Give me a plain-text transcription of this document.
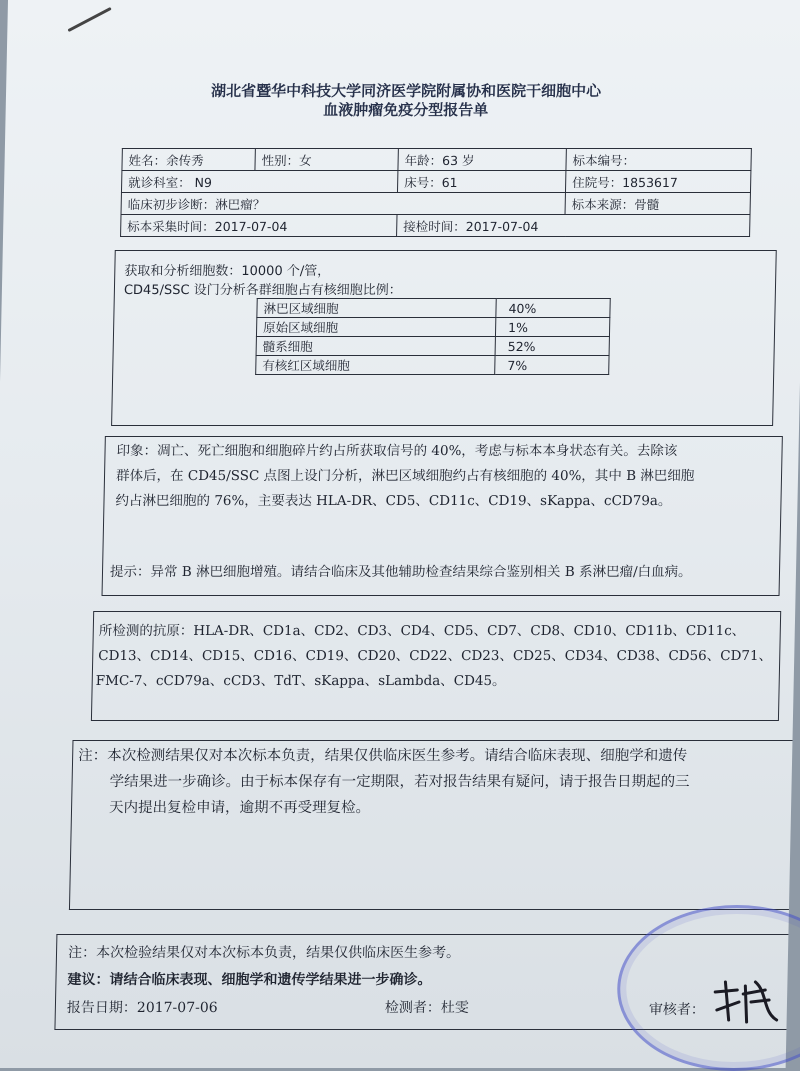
湖北省暨华中科技大学同济医学院附属协和医院干细胞中心
血液肿瘤免疫分型报告单
姓名：余传秀	性别：女	年龄：63 岁	标本编号：
就诊科室： N9		床号：61	住院号：1853617
临床初步诊断：淋巴瘤？			标本来源：骨髓
标本采集时间：2017-07-04		接检时间：2017-07-04	
获取和分析细胞数：10000 个/管，
CD45/SSC 设门分析各群细胞占有核细胞比例：
淋巴区域细胞	40%
原始区域细胞	1%
髓系细胞	52%
有核红区域细胞	7%
印象：凋亡、死亡细胞和细胞碎片约占所获取信号的 40%，考虑与标本本身状态有关。去除该
群体后，在 CD45/SSC 点图上设门分析，淋巴区域细胞约占有核细胞的 40%，其中 B 淋巴细胞
约占淋巴细胞的 76%，主要表达 HLA-DR、CD5、CD11c、CD19、sKappa、cCD79a。
提示：异常 B 淋巴细胞增殖。请结合临床及其他辅助检查结果综合鉴别相关 B 系淋巴瘤/白血病。
所检测的抗原：HLA-DR、CD1a、CD2、CD3、CD4、CD5、CD7、CD8、CD10、CD11b、CD11c、
CD13、CD14、CD15、CD16、CD19、CD20、CD22、CD23、CD25、CD34、CD38、CD56、CD71、
FMC-7、cCD79a、cCD3、TdT、sKappa、sLambda、CD45。
注：本次检测结果仅对本次标本负责，结果仅供临床医生参考。请结合临床表现、细胞学和遗传
学结果进一步确诊。由于标本保存有一定期限，若对报告结果有疑问，请于报告日期起的三
天内提出复检申请，逾期不再受理复检。
注：本次检验结果仅对本次标本负责，结果仅供临床医生参考。
建议：请结合临床表现、细胞学和遗传学结果进一步确诊。
报告日期：2017-07-06	检测者：杜雯	审核者：
